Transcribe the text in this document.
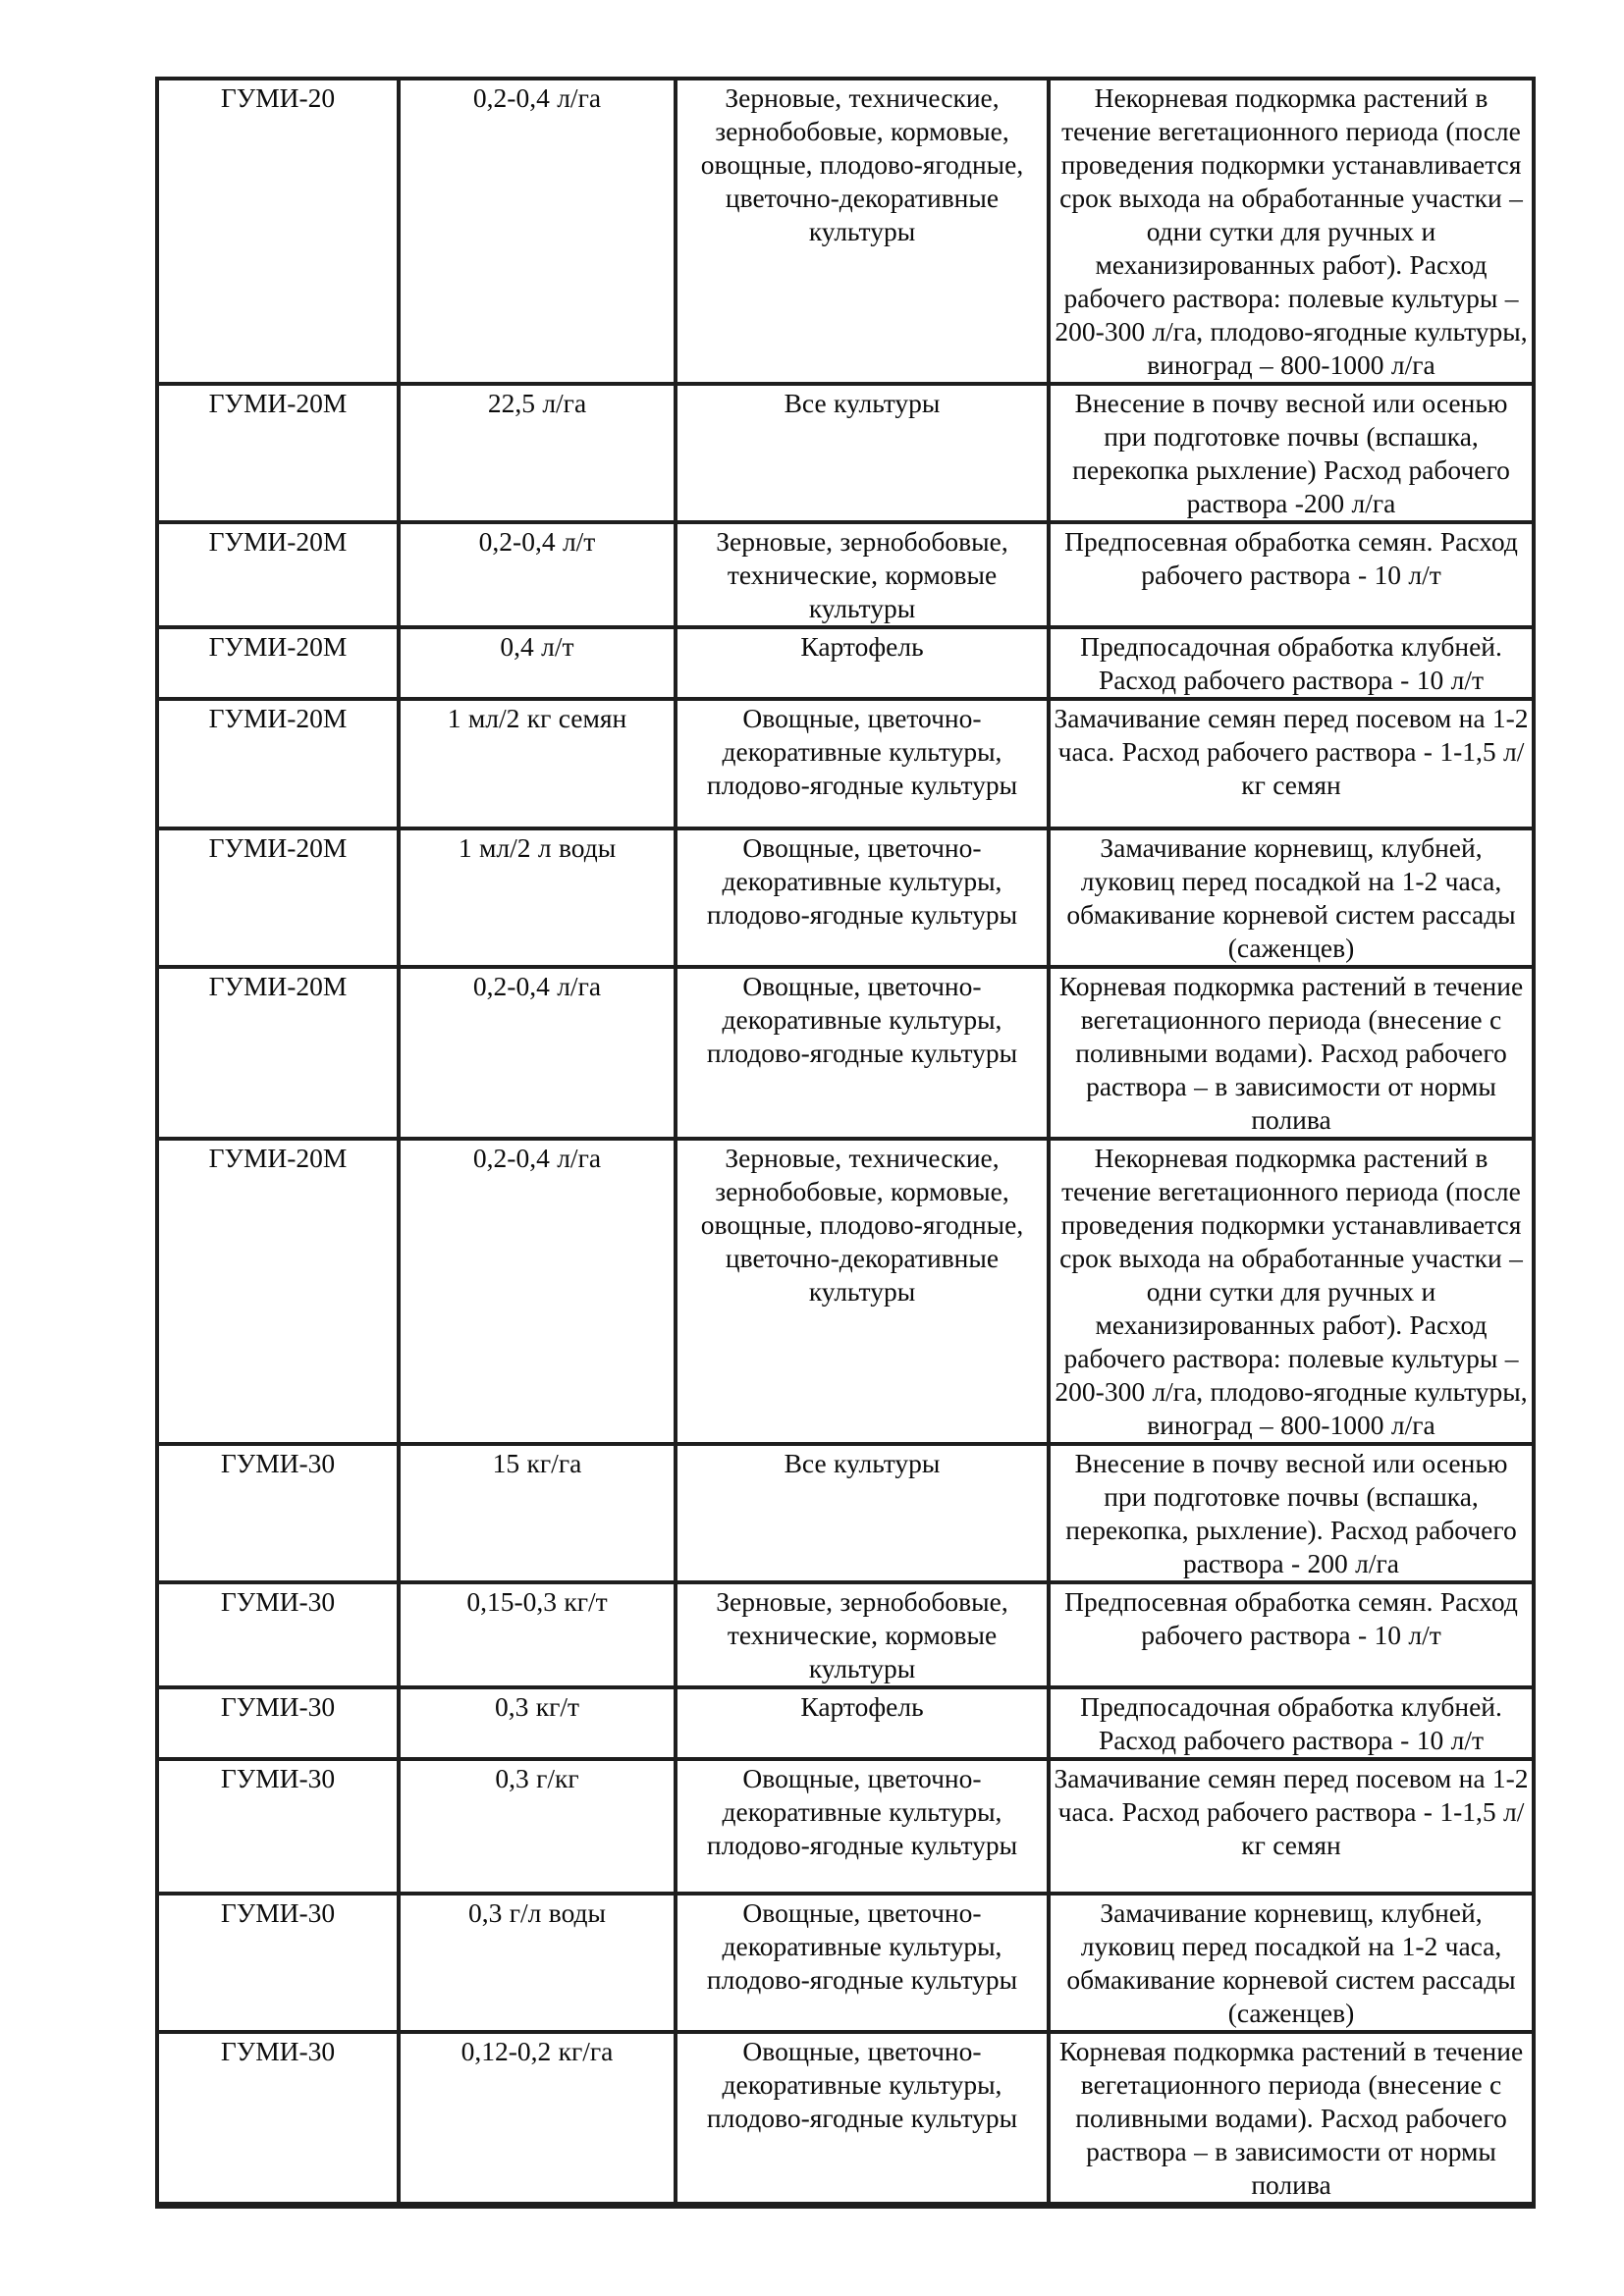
ГУМИ-20	0,2-0,4 л/га	Зерновые, технические, зернобобовые, кормовые, овощные, плодово-ягодные, цветочно-декоративные культуры	Некорневая подкормка растений в течение вегетационного периода (после проведения подкормки устанавливается срок выхода на обработанные участки – одни сутки для ручных и механизированных работ). Расход рабочего раствора: полевые культуры – 200-300 л/га, плодово-ягодные культуры, виноград – 800-1000 л/га
ГУМИ-20М	22,5 л/га	Все культуры	Внесение в почву весной или осенью при подготовке почвы (вспашка, перекопка рыхление) Расход рабочего раствора -200 л/га
ГУМИ-20М	0,2-0,4 л/т	Зерновые, зернобобовые, технические, кормовые культуры	Предпосевная обработка семян. Расход рабочего раствора - 10 л/т
ГУМИ-20М	0,4 л/т	Картофель	Предпосадочная обработка клубней. Расход рабочего раствора - 10 л/т
ГУМИ-20М	1 мл/2 кг семян	Овощные, цветочно-декоративные культуры, плодово-ягодные культуры	Замачивание семян перед посевом на 1-2 часа. Расход рабочего раствора - 1-1,5 л/кг семян
ГУМИ-20М	1 мл/2 л воды	Овощные, цветочно-декоративные культуры, плодово-ягодные культуры	Замачивание корневищ, клубней, луковиц перед посадкой на 1-2 часа, обмакивание корневой систем рассады (саженцев)
ГУМИ-20М	0,2-0,4 л/га	Овощные, цветочно-декоративные культуры, плодово-ягодные культуры	Корневая подкормка растений в течение вегетационного периода (внесение с поливными водами). Расход рабочего раствора – в зависимости от нормы полива
ГУМИ-20М	0,2-0,4 л/га	Зерновые, технические, зернобобовые, кормовые, овощные, плодово-ягодные, цветочно-декоративные культуры	Некорневая подкормка растений в течение вегетационного периода (после проведения подкормки устанавливается срок выхода на обработанные участки – одни сутки для ручных и механизированных работ). Расход рабочего раствора: полевые культуры – 200-300 л/га, плодово-ягодные культуры, виноград – 800-1000 л/га
ГУМИ-30	15 кг/га	Все культуры	Внесение в почву весной или осенью при подготовке почвы (вспашка, перекопка, рыхление). Расход рабочего раствора - 200 л/га
ГУМИ-30	0,15-0,3 кг/т	Зерновые, зернобобовые, технические, кормовые культуры	Предпосевная обработка семян. Расход рабочего раствора - 10 л/т
ГУМИ-30	0,3 кг/т	Картофель	Предпосадочная обработка клубней. Расход рабочего раствора - 10 л/т
ГУМИ-30	0,3 г/кг	Овощные, цветочно-декоративные культуры, плодово-ягодные культуры	Замачивание семян перед посевом на 1-2 часа. Расход рабочего раствора - 1-1,5 л/кг семян
ГУМИ-30	0,3 г/л воды	Овощные, цветочно-декоративные культуры, плодово-ягодные культуры	Замачивание корневищ, клубней, луковиц перед посадкой на 1-2 часа, обмакивание корневой систем рассады (саженцев)
ГУМИ-30	0,12-0,2 кг/га	Овощные, цветочно-декоративные культуры, плодово-ягодные культуры	Корневая подкормка растений в течение вегетационного периода (внесение с поливными водами). Расход рабочего раствора – в зависимости от нормы полива
